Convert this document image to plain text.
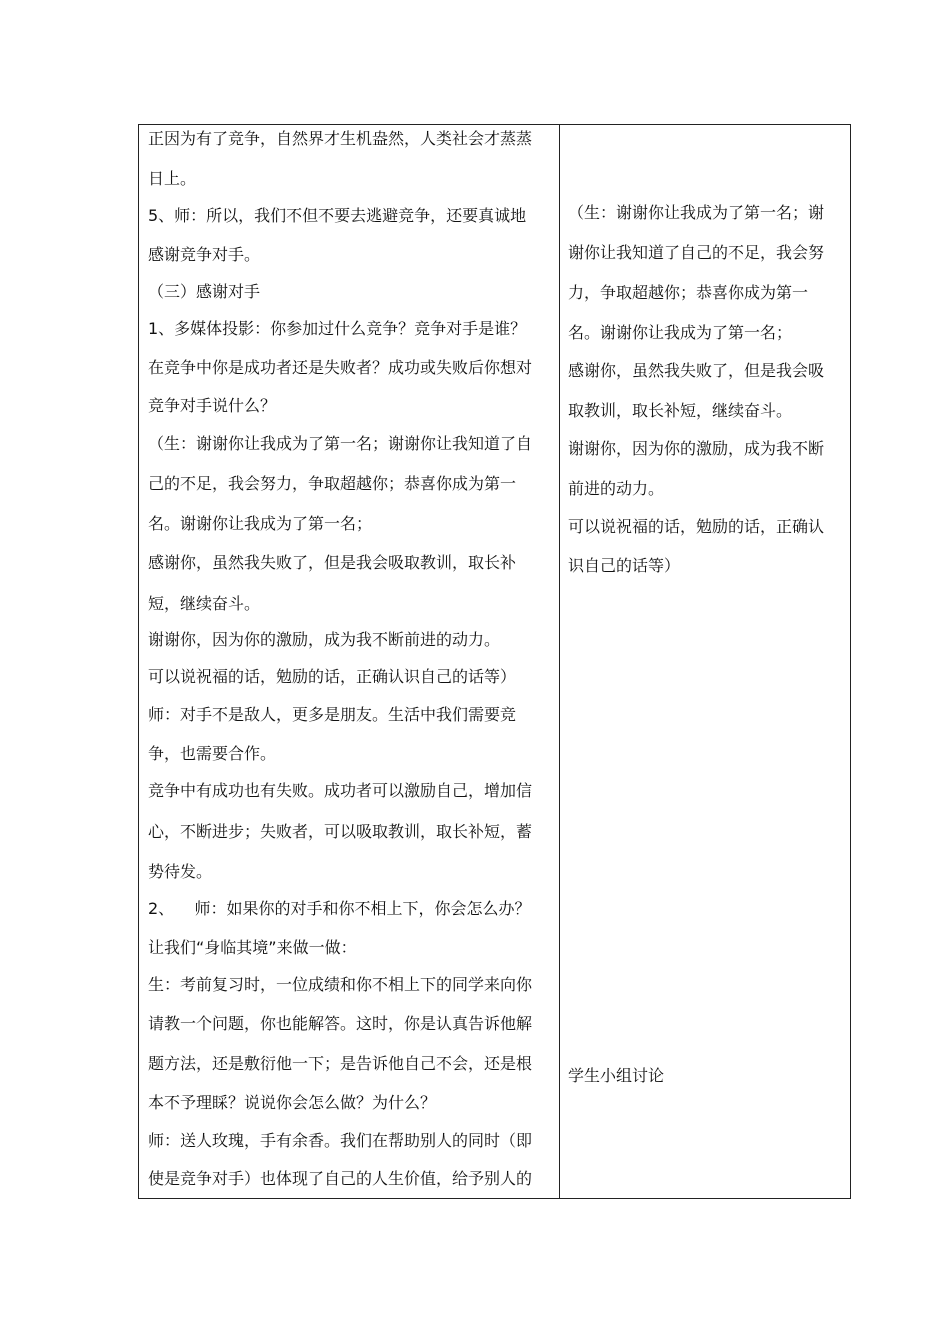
正因为有了竞争，自然界才生机盎然，人类社会才蒸蒸
日上。
5、师：所以，我们不但不要去逃避竞争，还要真诚地
感谢竞争对手。
（三）感谢对手
1、多媒体投影：你参加过什么竞争？竞争对手是谁？
在竞争中你是成功者还是失败者？成功或失败后你想对
竞争对手说什么？
（生：谢谢你让我成为了第一名；谢谢你让我知道了自
己的不足，我会努力，争取超越你；恭喜你成为第一
名。谢谢你让我成为了第一名；
感谢你，虽然我失败了，但是我会吸取教训，取长补
短，继续奋斗。
谢谢你，因为你的激励，成为我不断前进的动力。
可以说祝福的话，勉励的话，正确认识自己的话等）
师：对手不是敌人，更多是朋友。生活中我们需要竞
争，也需要合作。
竞争中有成功也有失败。成功者可以激励自己，增加信
心，不断进步；失败者，可以吸取教训，取长补短，蓄
势待发。
2、    师：如果你的对手和你不相上下，你会怎么办？
让我们“身临其境”来做一做：
生：考前复习时，一位成绩和你不相上下的同学来向你
请教一个问题，你也能解答。这时，你是认真告诉他解
题方法，还是敷衍他一下；是告诉他自己不会，还是根
本不予理睬？说说你会怎么做？为什么？
师：送人玫瑰，手有余香。我们在帮助别人的同时（即
使是竞争对手）也体现了自己的人生价值，给予别人的
（生：谢谢你让我成为了第一名；谢
谢你让我知道了自己的不足，我会努
力，争取超越你；恭喜你成为第一
名。谢谢你让我成为了第一名；
感谢你，虽然我失败了，但是我会吸
取教训，取长补短，继续奋斗。
谢谢你，因为你的激励，成为我不断
前进的动力。
可以说祝福的话，勉励的话，正确认
识自己的话等）
学生小组讨论
